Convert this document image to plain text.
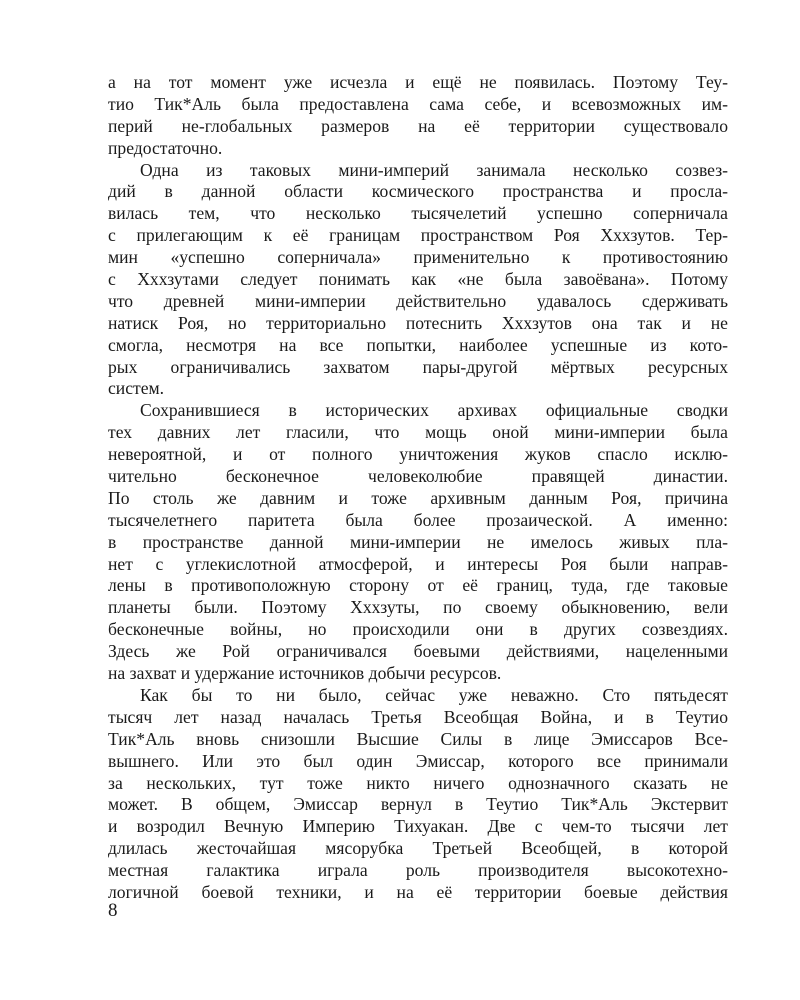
а на тот момент уже исчезла и ещё не появилась. Поэтому Теу-
тио Тик*Аль была предоставлена сама себе, и всевозможных им-
перий не-глобальных размеров на её территории существовало
предостаточно.
Одна из таковых мини-империй занимала несколько созвез-
дий в данной области космического пространства и просла-
вилась тем, что несколько тысячелетий успешно соперничала
с прилегающим к её границам пространством Роя Хххзутов. Тер-
мин «успешно соперничала» применительно к противостоянию
с Хххзутами следует понимать как «не была завоёвана». Потому
что древней мини-империи действительно удавалось сдерживать
натиск Роя, но территориально потеснить Хххзутов она так и не
смогла, несмотря на все попытки, наиболее успешные из кото-
рых ограничивались захватом пары-другой мёртвых ресурсных
систем.
Сохранившиеся в исторических архивах официальные сводки
тех давних лет гласили, что мощь оной мини-империи была
невероятной, и от полного уничтожения жуков спасло исклю-
чительно бесконечное человеколюбие правящей династии.
По столь же давним и тоже архивным данным Роя, причина
тысячелетнего паритета была более прозаической. А именно:
в пространстве данной мини-империи не имелось живых пла-
нет с углекислотной атмосферой, и интересы Роя были направ-
лены в противоположную сторону от её границ, туда, где таковые
планеты были. Поэтому Хххзуты, по своему обыкновению, вели
бесконечные войны, но происходили они в других созвездиях.
Здесь же Рой ограничивался боевыми действиями, нацеленными
на захват и удержание источников добычи ресурсов.
Как бы то ни было, сейчас уже неважно. Сто пятьдесят
тысяч лет назад началась Третья Всеобщая Война, и в Теутио
Тик*Аль вновь снизошли Высшие Силы в лице Эмиссаров Все-
вышнего. Или это был один Эмиссар, которого все принимали
за нескольких, тут тоже никто ничего однозначного сказать не
может. В общем, Эмиссар вернул в Теутио Тик*Аль Экстервит
и возродил Вечную Империю Тихуакан. Две с чем-то тысячи лет
длилась жесточайшая мясорубка Третьей Всеобщей, в которой
местная галактика играла роль производителя высокотехно-
логичной боевой техники, и на её территории боевые действия
8
